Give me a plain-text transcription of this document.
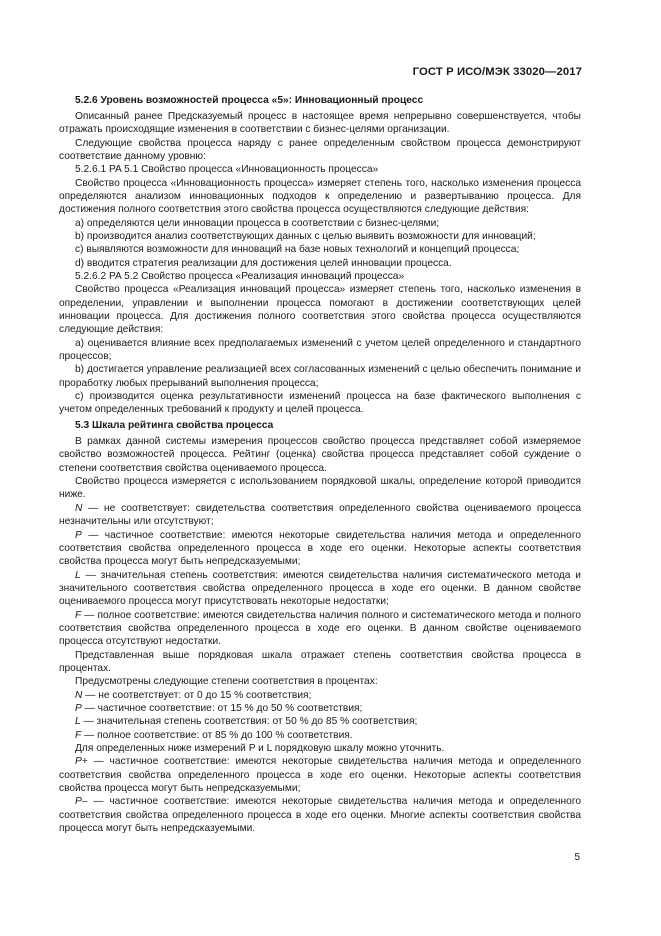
ГОСТ Р ИСО/МЭК 33020—2017

5.2.6 Уровень возможностей процесса «5»: Инновационный процесс

Описанный ранее Предсказуемый процесс в настоящее время непрерывно совершенствуется, чтобы отражать происходящие изменения в соответствии с бизнес-целями организации.

Следующие свойства процесса наряду с ранее определенным свойством процесса демонстрируют соответствие данному уровню:

5.2.6.1 PA 5.1 Свойство процесса «Инновационность процесса»

Свойство процесса «Инновационность процесса» измеряет степень того, насколько изменения процесса определяются анализом инновационных подходов к определению и развертыванию процесса. Для достижения полного соответствия этого свойства процесса осуществляются следующие действия:

a) определяются цели инновации процесса в соответствии с бизнес-целями;

b) производится анализ соответствующих данных с целью выявить возможности для инноваций;

c) выявляются возможности для инноваций на базе новых технологий и концепций процесса;

d) вводится стратегия реализации для достижения целей инновации процесса.

5.2.6.2 PA 5.2 Свойство процесса «Реализация инноваций процесса»

Свойство процесса «Реализация инноваций процесса» измеряет степень того, насколько изменения в определении, управлении и выполнении процесса помогают в достижении соответствующих целей инновации процесса. Для достижения полного соответствия этого свойства процесса осуществляются следующие действия:

a) оценивается влияние всех предполагаемых изменений с учетом целей определенного и стандартного процессов;

b) достигается управление реализацией всех согласованных изменений с целью обеспечить понимание и проработку любых прерываний выполнения процесса;

c) производится оценка результативности изменений процесса на базе фактического выполнения с учетом определенных требований к продукту и целей процесса.

5.3 Шкала рейтинга свойства процесса

В рамках данной системы измерения процессов свойство процесса представляет собой измеряемое свойство возможностей процесса. Рейтинг (оценка) свойства процесса представляет собой суждение о степени соответствия свойства оцениваемого процесса.

Свойство процесса измеряется с использованием порядковой шкалы, определение которой приводится ниже.

N — не соответствует: свидетельства соответствия определенного свойства оцениваемого процесса незначительны или отсутствуют;

P — частичное соответствие: имеются некоторые свидетельства наличия метода и определенного соответствия свойства определенного процесса в ходе его оценки. Некоторые аспекты соответствия свойства процесса могут быть непредсказуемыми;

L — значительная степень соответствия: имеются свидетельства наличия систематического метода и значительного соответствия свойства определенного процесса в ходе его оценки. В данном свойстве оцениваемого процесса могут присутствовать некоторые недостатки;

F — полное соответствие: имеются свидетельства наличия полного и систематического метода и полного соответствия свойства определенного процесса в ходе его оценки. В данном свойстве оцениваемого процесса отсутствуют недостатки.

Представленная выше порядковая шкала отражает степень соответствия свойства процесса в процентах.

Предусмотрены следующие степени соответствия в процентах:

N — не соответствует: от 0 до 15 % соответствия;

P — частичное соответствие: от 15 % до 50 % соответствия;

L — значительная степень соответствия: от 50 % до 85 % соответствия;

F — полное соответствие: от 85 % до 100 % соответствия.

Для определенных ниже измерений P и L порядковую шкалу можно уточнить.

P+ — частичное соответствие: имеются некоторые свидетельства наличия метода и определенного соответствия свойства определенного процесса в ходе его оценки. Некоторые аспекты соответствия свойства процесса могут быть непредсказуемыми;

P– — частичное соответствие: имеются некоторые свидетельства наличия метода и определенного соответствия свойства определенного процесса в ходе его оценки. Многие аспекты соответствия свойства процесса могут быть непредсказуемыми.

5
